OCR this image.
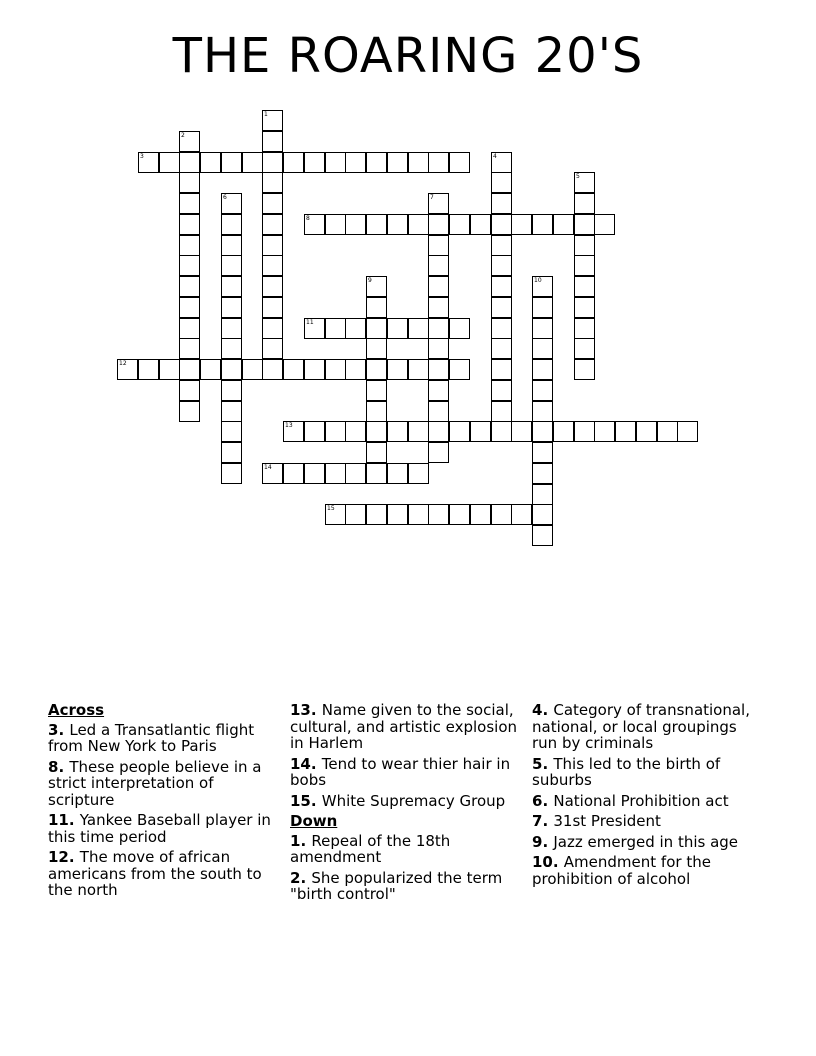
THE ROARING 20'S
1
2
3	4
5
6	7
8
9	10
11
12
13
14
15
Across

3. Led a Transatlantic flight from New York to Paris

8. These people believe in a strict interpretation of scripture

11. Yankee Baseball player in this time period

12. The move of african americans from the south to the north

13. Name given to the social, cultural, and artistic explosion in Harlem

14. Tend to wear thier hair in bobs

15. White Supremacy Group

Down

1. Repeal of the 18th amendment

2. She popularized the term "birth control"

4. Category of transnational, national, or local groupings run by criminals

5. This led to the birth of suburbs

6. National Prohibition act

7. 31st President

9. Jazz emerged in this age

10. Amendment for the prohibition of alcohol
